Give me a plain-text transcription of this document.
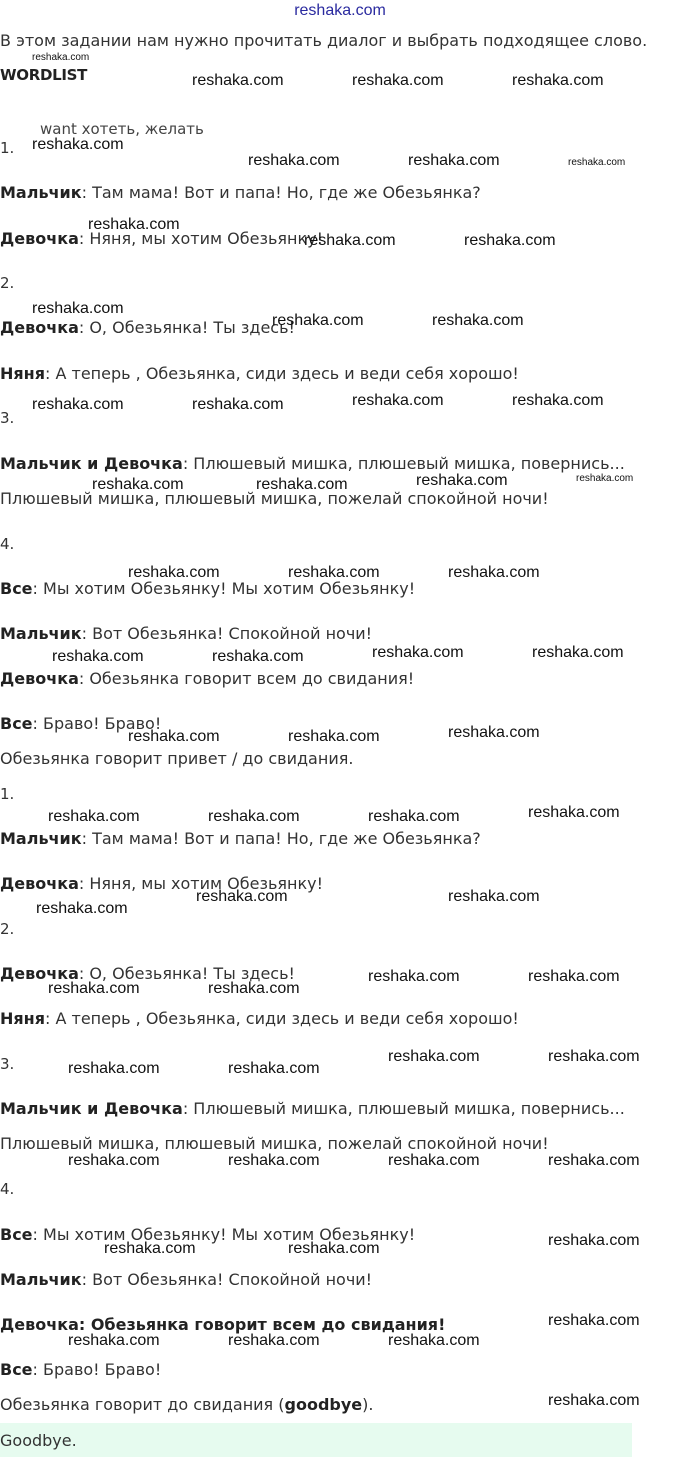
reshaka.com
В этом задании нам нужно прочитать диалог и выбрать подходящее слово.
WORDLIST
want хотеть, желать
1.
Мальчик: Там мама! Вот и папа! Но, где же Обезьянка?
Девочка: Няня, мы хотим Обезьянку!
2.
Девочка: О, Обезьянка! Ты здесь!
Няня: А теперь , Обезьянка, сиди здесь и веди себя хорошо!
3.
Мальчик и Девочка: Плюшевый мишка, плюшевый мишка, повернись...
Плюшевый мишка, плюшевый мишка, пожелай спокойной ночи!
4.
Все: Мы хотим Обезьянку! Мы хотим Обезьянку!
Мальчик: Вот Обезьянка! Спокойной ночи!
Девочка: Обезьянка говорит всем до свидания!
Все: Браво! Браво!
Обезьянка говорит привет / до свидания.
1.
Мальчик: Там мама! Вот и папа! Но, где же Обезьянка?
Девочка: Няня, мы хотим Обезьянку!
2.
Девочка: О, Обезьянка! Ты здесь!
Няня: А теперь , Обезьянка, сиди здесь и веди себя хорошо!
3.
Мальчик и Девочка: Плюшевый мишка, плюшевый мишка, повернись...
Плюшевый мишка, плюшевый мишка, пожелай спокойной ночи!
4.
Все: Мы хотим Обезьянку! Мы хотим Обезьянку!
Мальчик: Вот Обезьянка! Спокойной ночи!
Девочка: Обезьянка говорит всем до свидания!
Все: Браво! Браво!
Обезьянка говорит до свидания (goodbye).
Goodbye.
reshaka.com
reshaka.com	reshaka.com	reshaka.com
reshaka.com
reshaka.com	reshaka.com	reshaka.com
reshaka.com
reshaka.com	reshaka.com
reshaka.com
reshaka.com	reshaka.com
reshaka.com	reshaka.com	reshaka.com	reshaka.com
reshaka.com	reshaka.com	reshaka.com	reshaka.com
reshaka.com	reshaka.com	reshaka.com
reshaka.com	reshaka.com	reshaka.com	reshaka.com
reshaka.com	reshaka.com	reshaka.com
reshaka.com	reshaka.com	reshaka.com	reshaka.com
reshaka.com	reshaka.com
reshaka.com
reshaka.com	reshaka.com
reshaka.com	reshaka.com
reshaka.com	reshaka.com
reshaka.com	reshaka.com
reshaka.com	reshaka.com	reshaka.com	reshaka.com
reshaka.com
reshaka.com	reshaka.com
reshaka.com
reshaka.com	reshaka.com	reshaka.com
reshaka.com
